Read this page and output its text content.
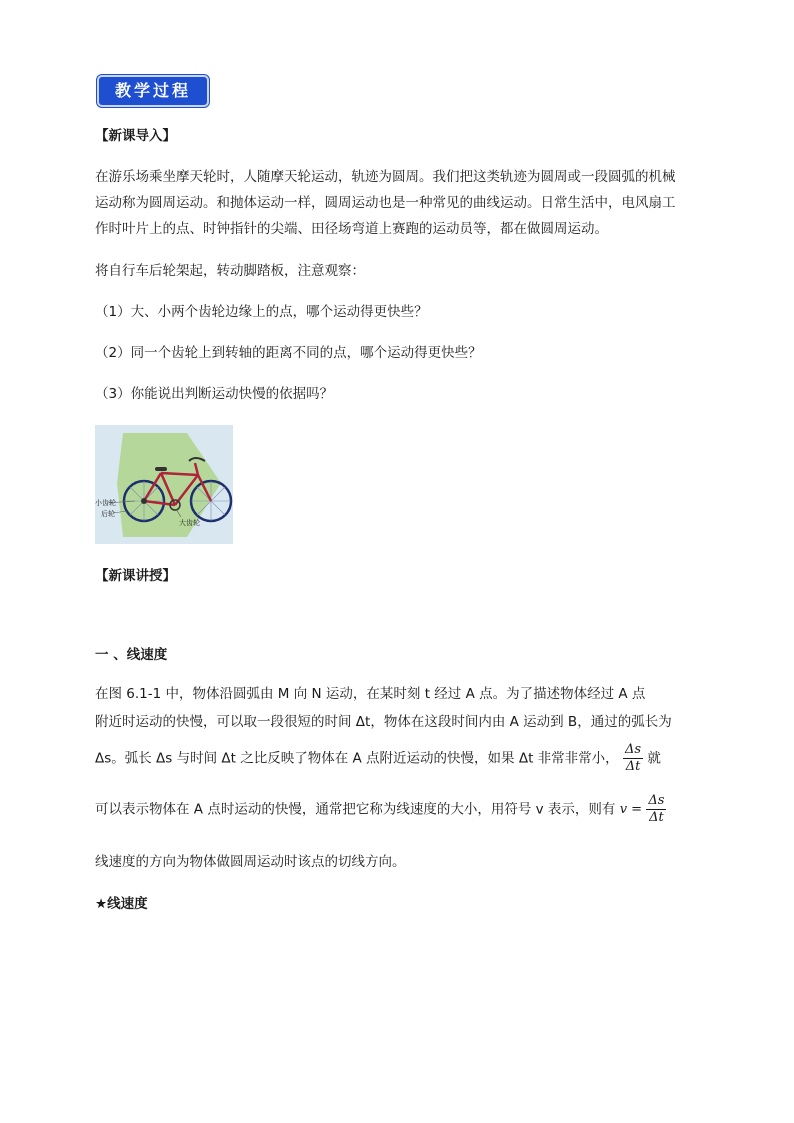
教学过程
【新课导入】
在游乐场乘坐摩天轮时，人随摩天轮运动，轨迹为圆周。我们把这类轨迹为圆周或一段圆弧的机械
运动称为圆周运动。和抛体运动一样，圆周运动也是一种常见的曲线运动。日常生活中，电风扇工
作时叶片上的点、时钟指针的尖端、田径场弯道上赛跑的运动员等，都在做圆周运动。
将自行车后轮架起，转动脚踏板，注意观察：
（1）大、小两个齿轮边缘上的点，哪个运动得更快些？
（2）同一个齿轮上到转轴的距离不同的点，哪个运动得更快些？
（3）你能说出判断运动快慢的依据吗？
小齿轮
后轮
大齿轮
【新课讲授】
一 、线速度
在图 6.1-1 中，物体沿圆弧由 M 向 N 运动，在某时刻 t 经过 A 点。为了描述物体经过 A 点
附近时运动的快慢，可以取一段很短的时间 Δt，物体在这段时间内由 A 运动到 B，通过的弧长为
Δs。弧长 Δs 与时间 Δt 之比反映了物体在 A 点附近运动的快慢，如果 Δt 非常非常小， $\frac{\Delta s}{\Delta t}$ 就
可以表示物体在 A 点时运动的快慢，通常把它称为线速度的大小，用符号 v 表示，则有 $v = \frac{\Delta s}{\Delta t}$
线速度的方向为物体做圆周运动时该点的切线方向。
★线速度
